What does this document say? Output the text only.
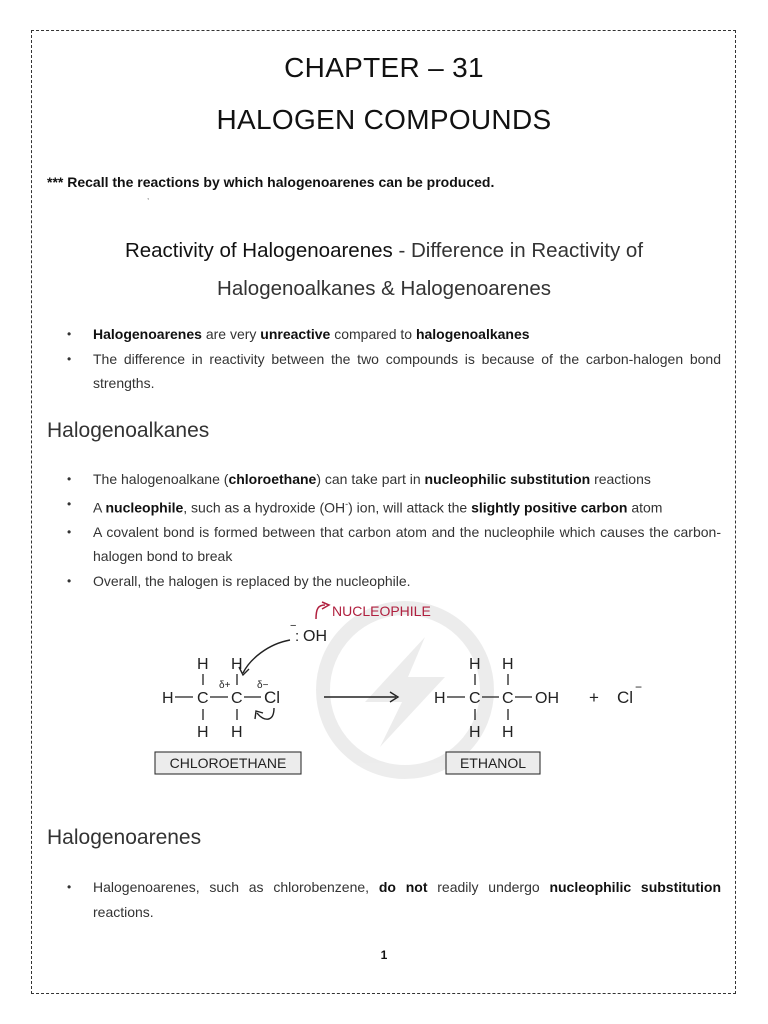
CHAPTER – 31
HALOGEN COMPOUNDS
*** Recall the reactions by which halogenoarenes can be produced.
,
Reactivity of Halogenoarenes - Difference in Reactivity of Halogenoalkanes & Halogenoarenes
• Halogenoarenes are very unreactive compared to halogenoalkanes
• The difference in reactivity between the two compounds is because of the carbon-halogen bond strengths.
Halogenoalkanes
• The halogenoalkane (chloroethane) can take part in nucleophilic substitution reactions
• A nucleophile, such as a hydroxide (OH-) ion, will attack the slightly positive carbon atom
• A covalent bond is formed between that carbon atom and the nucleophile which causes the carbon-halogen bond to break
• Overall, the halogen is replaced by the nucleophile.
NUCLEOPHILE
−
: OH
H H
H C C Cl
H H
δ+	δ−
H H
H C C OH
H H
+ Cl
−
CHLOROETHANE	ETHANOL
Halogenoarenes
• Halogenoarenes, such as chlorobenzene, do not readily undergo nucleophilic substitution reactions.
1
